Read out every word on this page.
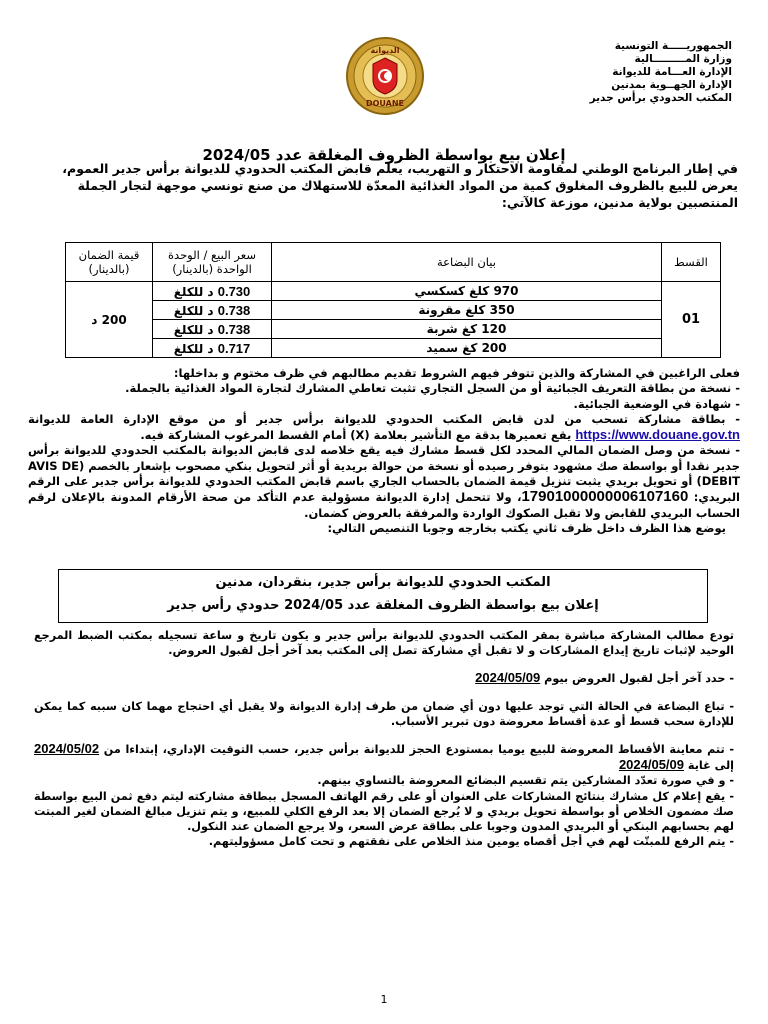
الجمهوريـــــة التونسية
وزارة المـــــــــالية
الإدارة العـــامة للديوانة
الإدارة الجهــوية بمدنين
المكتب الحدودي برأس جدير
الديوانة
DOUANE
إعلان بيع بواسطة الظروف المغلقة عدد 2024/05
في إطار البرنامج الوطني لمقاومة الاحتكار و التهريب، يعلم قابض المكتب الحدودي للديوانة برأس جدير العموم، يعرض للبيع بالظروف المغلوق كمية من المواد الغذائية المعدّة للاستهلاك من صنع تونسي موجهة لتجار الجملة المنتصبين بولاية مدنين، موزعة كالآتي:
القسط	بيان البضاعة	سعر البيع / الوحدة الواحدة (بالدينار)	قيمة الضمان (بالدينار)
01	970 كلغ كسكسي	0.730 د للكلغ	200 د
	350 كلغ مقرونة	0.738 د للكلغ	
	120 كغ شربة	0.738 د للكلغ	
	200 كغ سميد	0.717 د للكلغ	

فعلى الراغبين في المشاركة والذين تتوفر فيهم الشروط تقديم مطالبهم في ظرف مختوم و بداخلها:

- نسخة من بطاقة التعريف الجبائية أو من السجل التجاري تثبت تعاطي المشارك لتجارة المواد الغذائية بالجملة.

- شهادة في الوضعية الجبائية.

- بطاقة مشاركة تسحب من لدن قابض المكتب الحدودي للديوانة برأس جدير أو من موقع الإدارة العامة للديوانة https://www.douane.gov.tn يقع تعميرها بدقة مع التأشير بعلامة (X) أمام القسط المرغوب المشاركة فيه.

- نسخة من وصل الضمان المالي المحدد لكل قسط مشارك فيه يقع خلاصه لدى قابض الديوانة بالمكتب الحدودي للديوانة برأس جدير نقدا أو بواسطة صك مشهود بتوفر رصيده أو نسخة من حوالة بريدية أو أثر لتحويل بنكي مصحوب بإشعار بالخصم (AVIS DE DEBIT) أو تحويل بريدي يثبت تنزيل قيمة الضمان بالحساب الجاري باسم قابض المكتب الحدودي للديوانة برأس جدير على الرقم البريدي: 17901000000006107160، ولا تتحمل إدارة الديوانة مسؤولية عدم التأكد من صحة الأرقام المدونة بالإعلان لرقم الحساب البريدي للقابض ولا تقبل الصكوك الواردة والمرفقة بالعروض كضمان.

يوضع هذا الظرف داخل ظرف ثاني يكتب بخارجه وجوبا التنصيص التالي:

المكتب الحدودي للديوانة برأس جدير، بنقردان، مدنين
إعلان بيع بواسطة الظروف المغلقة عدد 2024/05 حدودي رأس جدير

تودع مطالب المشاركة مباشرة بمقر المكتب الحدودي للديوانة برأس جدير و يكون تاريخ و ساعة تسجيله بمكتب الضبط المرجع الوحيد لإثبات تاريخ إيداع المشاركات و لا تقبل أي مشاركة تصل إلى المكتب بعد آخر أجل لقبول العروض.

- حدد آخر أجل لقبول العروض بيوم 2024/05/09

- تباع البضاعة في الحالة التي توجد عليها دون أي ضمان من طرف إدارة الديوانة ولا يقبل أي احتجاج مهما كان سببه كما يمكن للإدارة سحب قسط أو عدة أقساط معروضة دون تبرير الأسباب.

- تتم معاينة الأقساط المعروضة للبيع يوميا بمستودع الحجز للديوانة برأس جدير، حسب التوقيت الإداري، إبتداءا من 2024/05/02 إلى غاية 2024/05/09

- و في صورة تعدّد المشاركين يتم تقسيم البضائع المعروضة بالتساوي بينهم.

- يقع إعلام كل مشارك بنتائج المشاركات على العنوان أو على رقم الهاتف المسجل ببطاقة مشاركته ليتم دفع ثمن البيع بواسطة صك مضمون الخلاص أو بواسطة تحويل بريدي و لا يُرجع الضمان إلا بعد الرفع الكلي للمبيع، و يتم تنزيل مبالغ الضمان لغير المبتت لهم بحسابهم البنكي أو البريدي المدون وجوبا على بطاقة عرض السعر، ولا يرجع الضمان عند النكول.

- يتم الرفع للمبتّت لهم في أجل أقصاه يومين منذ الخلاص على نفقتهم و تحت كامل مسؤوليتهم.

1
